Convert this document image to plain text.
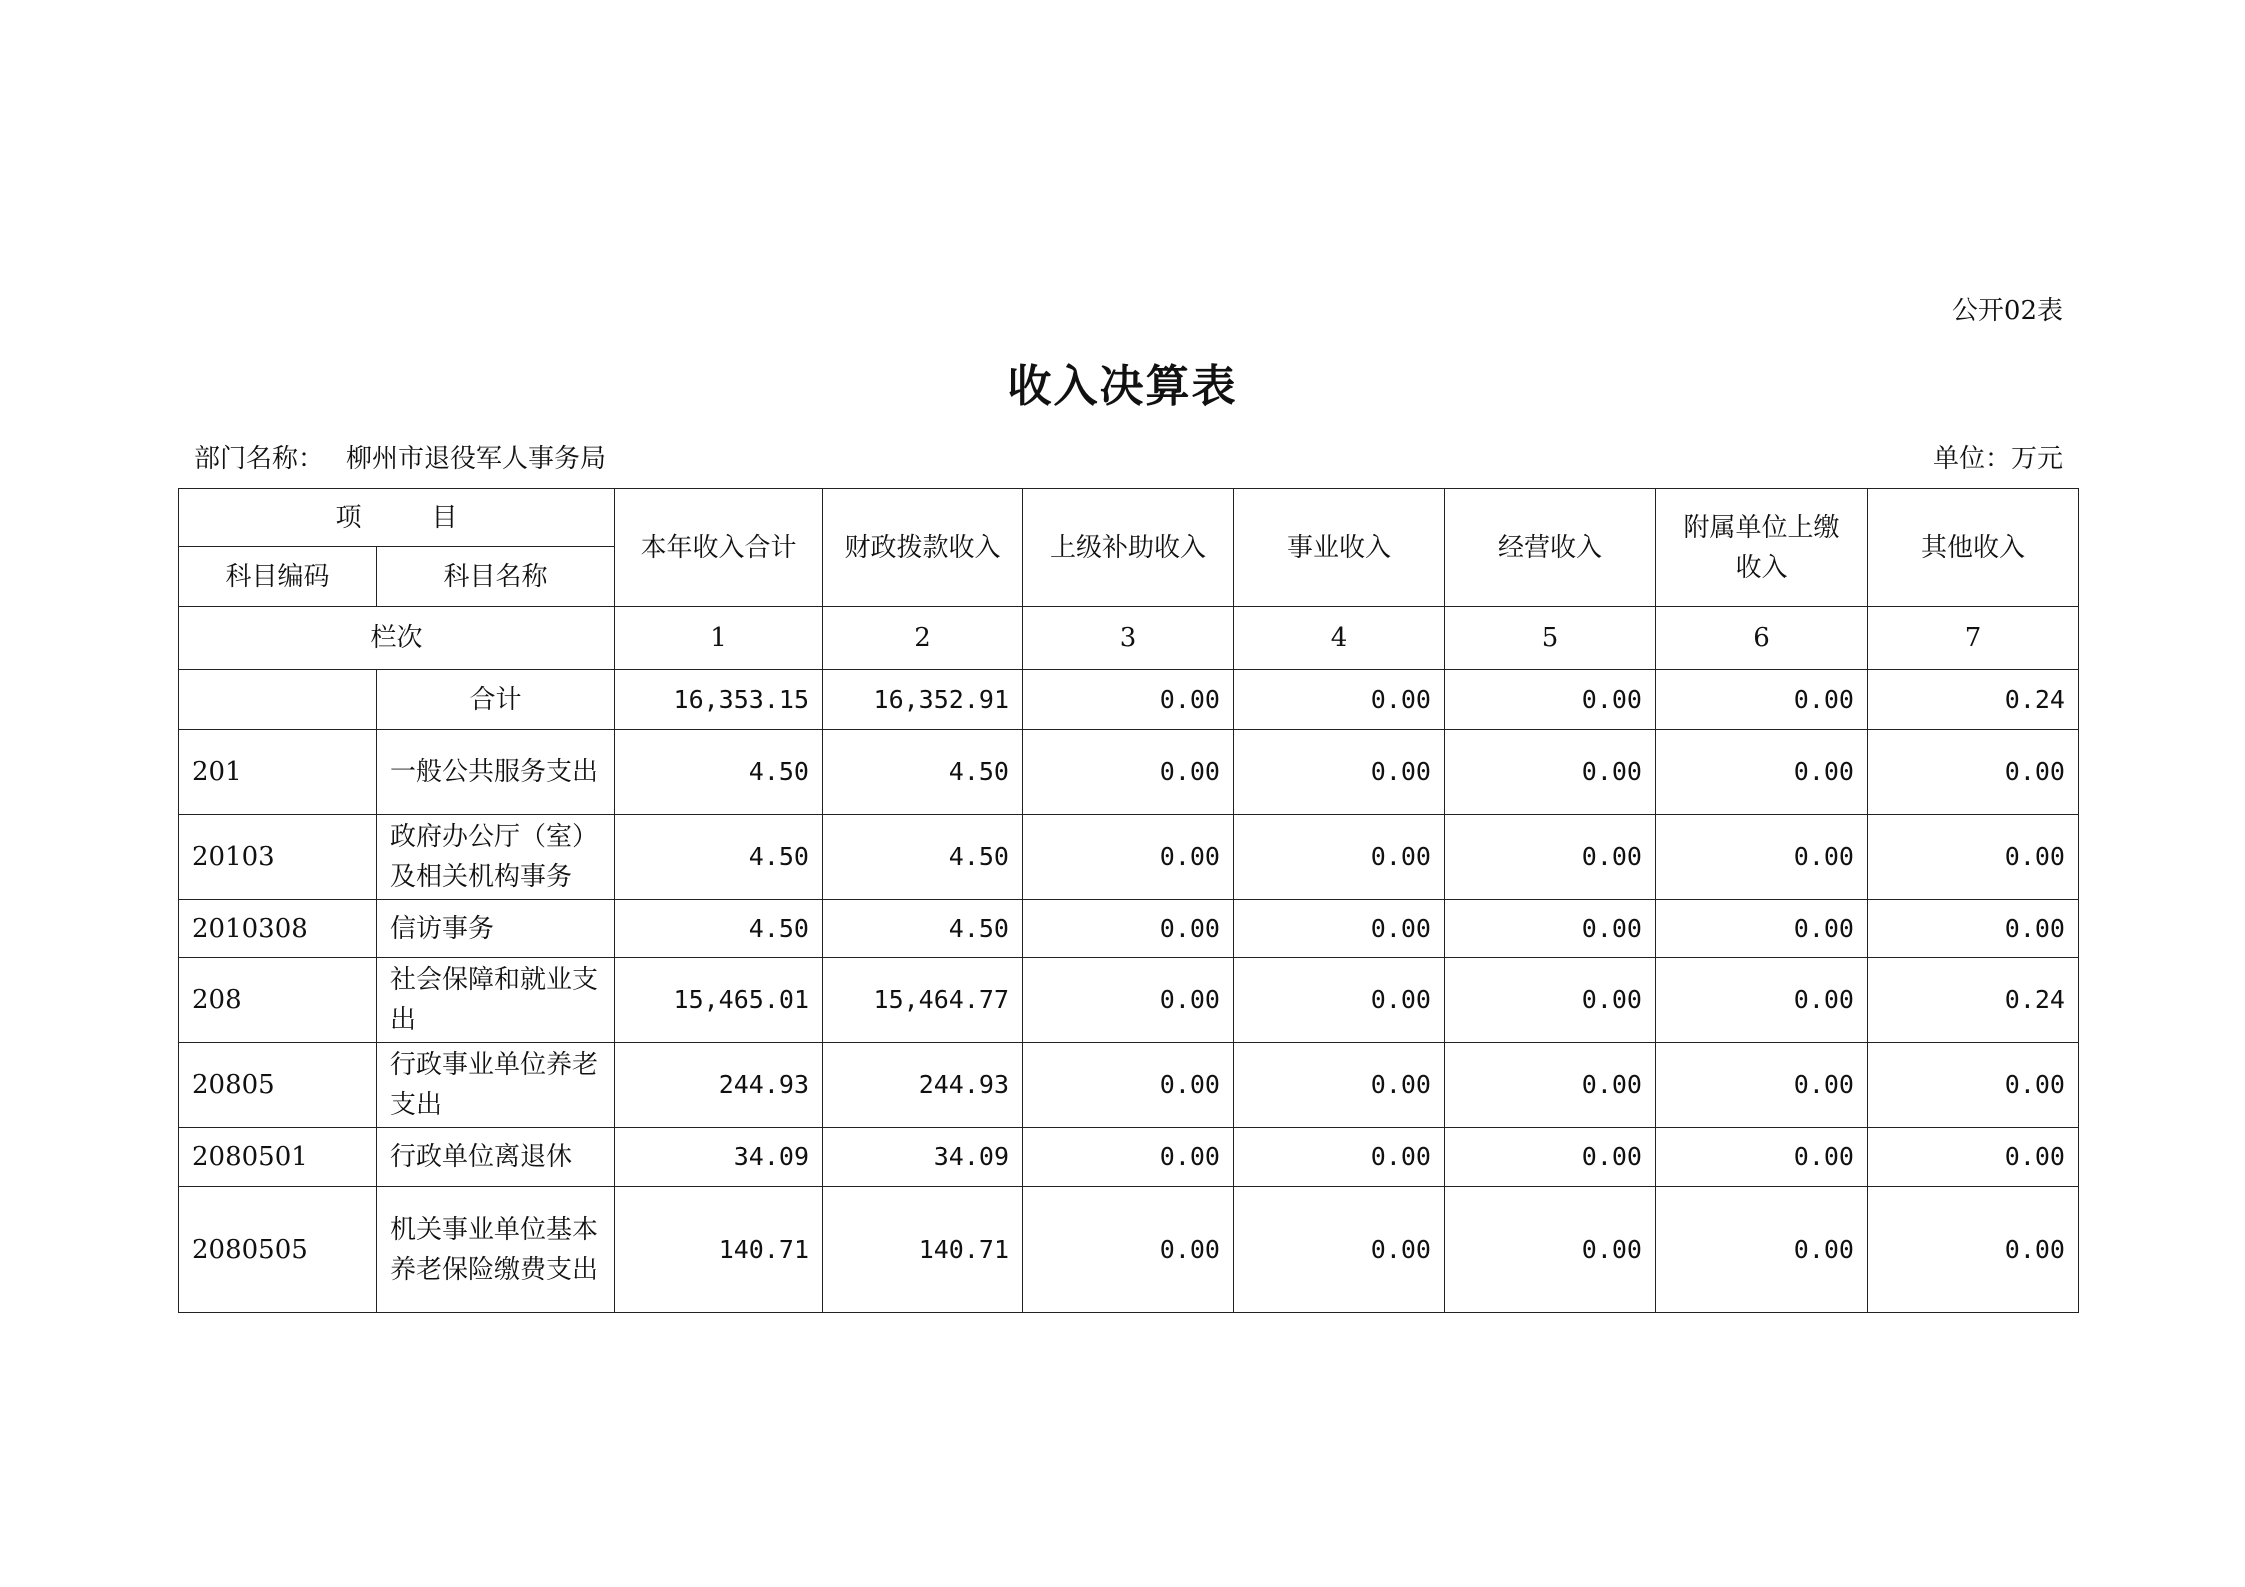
公开02表
收入决算表
部门名称： 柳州市退役军人事务局	单位：万元
项 目		本年收入合计	财政拨款收入	上级补助收入	事业收入	经营收入	附属单位上缴收入	其他收入
科目编码	科目名称							
栏次		1	2	3	4	5	6	7
	合计	16,353.15	16,352.91	0.00	0.00	0.00	0.00	0.24
201	一般公共服务支出	4.50	4.50	0.00	0.00	0.00	0.00	0.00
20103	政府办公厅（室）及相关机构事务	4.50	4.50	0.00	0.00	0.00	0.00	0.00
2010308	信访事务	4.50	4.50	0.00	0.00	0.00	0.00	0.00
208	社会保障和就业支出	15,465.01	15,464.77	0.00	0.00	0.00	0.00	0.24
20805	行政事业单位养老支出	244.93	244.93	0.00	0.00	0.00	0.00	0.00
2080501	行政单位离退休	34.09	34.09	0.00	0.00	0.00	0.00	0.00
2080505	机关事业单位基本养老保险缴费支出	140.71	140.71	0.00	0.00	0.00	0.00	0.00
